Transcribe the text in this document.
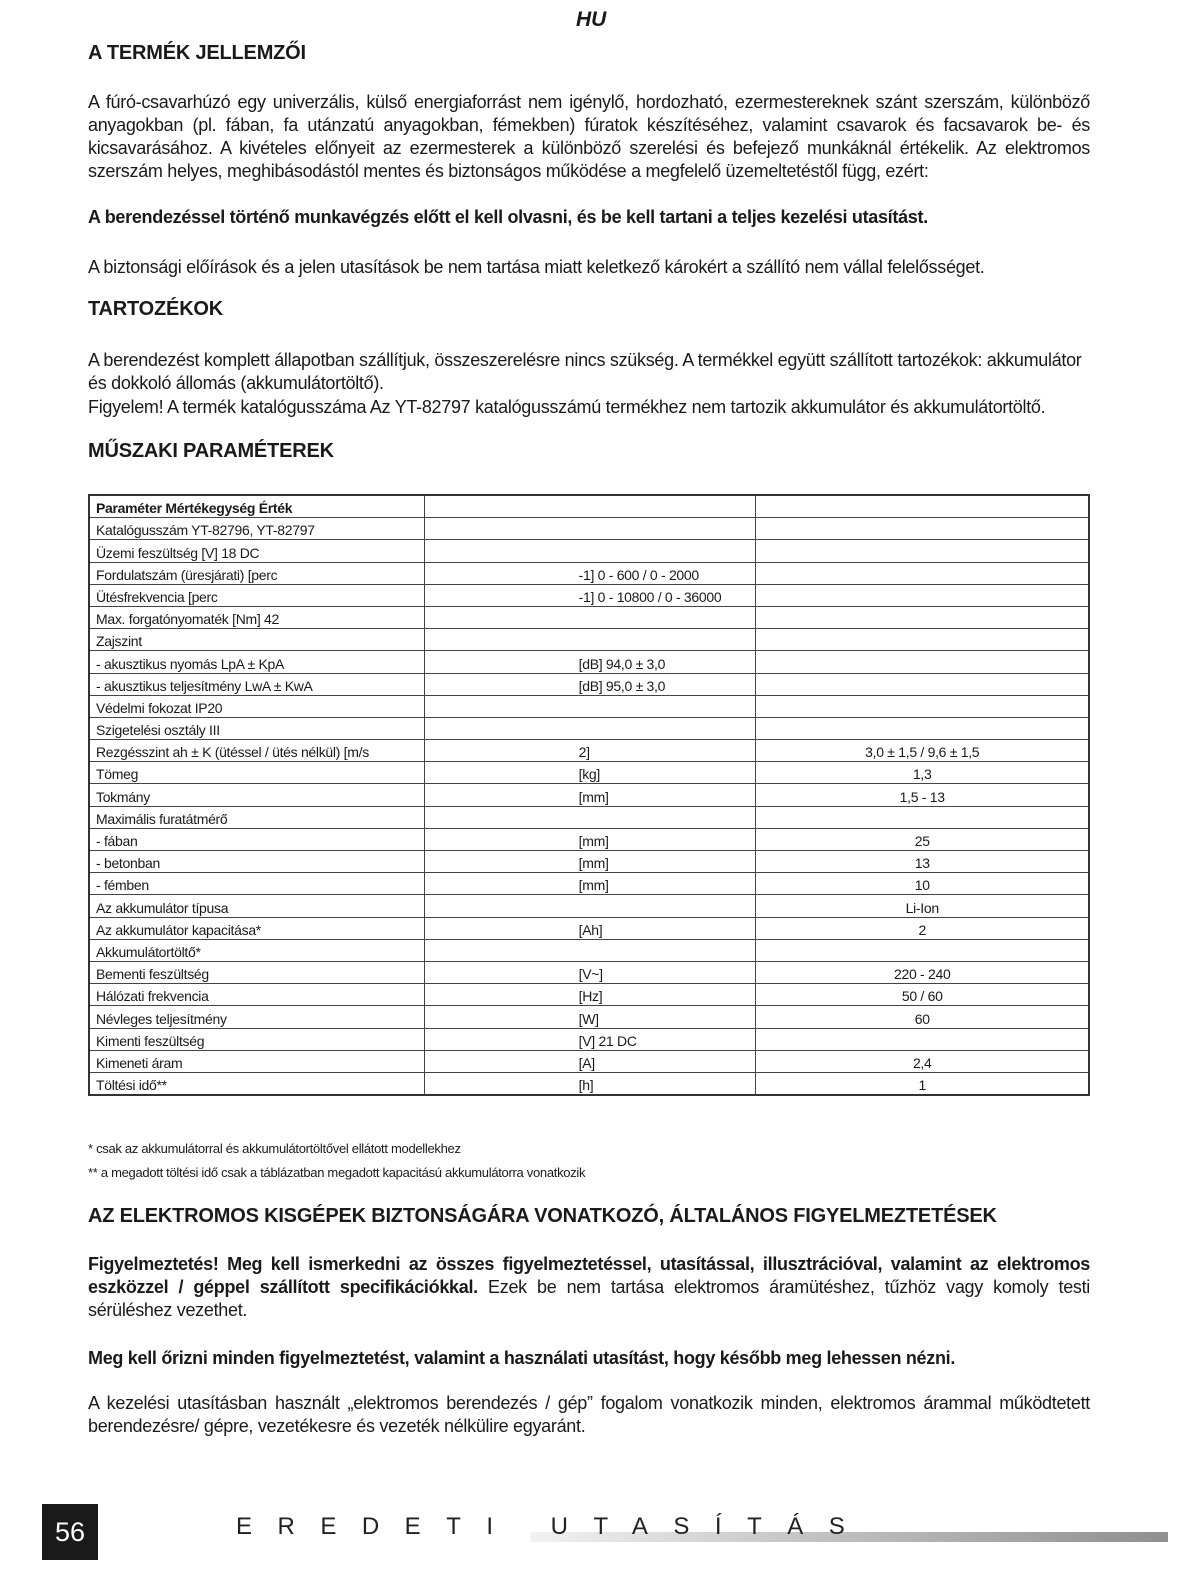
HU
A TERMÉK JELLEMZŐI
A fúró-csavarhúzó egy univerzális, külső energiaforrást nem igénylő, hordozható, ezermestereknek szánt szerszám, különböző anyagokban (pl. fában, fa utánzatú anyagokban, fémekben) fúratok készítéséhez, valamint csavarok és facsavarok be- és kicsavarásához. A kivételes előnyeit az ezermesterek a különböző szerelési és befejező munkáknál értékelik. Az elektromos szerszám helyes, meghibásodástól mentes és biztonságos működése a megfelelő üzemeltetéstől függ, ezért:
A berendezéssel történő munkavégzés előtt el kell olvasni, és be kell tartani a teljes kezelési utasítást.
A biztonsági előírások és a jelen utasítások be nem tartása miatt keletkező károkért a szállító nem vállal felelősséget.
TARTOZÉKOK
A berendezést komplett állapotban szállítjuk, összeszerelésre nincs szükség. A termékkel együtt szállított tartozékok: akkumulátor és dokkoló állomás (akkumulátortöltő).
Figyelem! A termék katalógusszáma Az YT-82797 katalógusszámú termékhez nem tartozik akkumulátor és akkumulátortöltő.
MŰSZAKI PARAMÉTEREK
Paraméter Mértékegység Érték	

Katalógusszám YT-82796, YT-82797	

Üzemi feszültség [V] 18 DC	

Fordulatszám (üresjárati) [perc	-1] 0 - 600 / 0 - 2000	

Ütésfrekvencia [perc	-1] 0 - 10800 / 0 - 36000	

Max. forgatónyomaték [Nm] 42	

Zajszint	

- akusztikus nyomás LpA ± KpA	[dB] 94,0 ± 3,0	

- akusztikus teljesítmény LwA ± KwA	[dB] 95,0 ± 3,0	

Védelmi fokozat IP20	

Szigetelési osztály III	

Rezgésszint ah ± K (ütéssel / ütés nélkül) [m/s	2]	3,0 ± 1,5 / 9,6 ± 1,5
Tömeg	[kg]	1,3
Tokmány	[mm]	1,5 - 13
Maximális furatátmérő	

- fában	[mm]	25
- betonban	[mm]	13
- fémben	[mm]	10
Az akkumulátor típusa		Li-Ion
Az akkumulátor kapacitása*	[Ah]	2
Akkumulátortöltő*	

Bementi feszültség	[V~]	220 - 240
Hálózati frekvencia	[Hz]	50 / 60
Névleges teljesítmény	[W]	60
Kimenti feszültség	[V] 21 DC	

Kimeneti áram	[A]	2,4
Töltési idő**	[h]	1
* csak az akkumulátorral és akkumulátortöltővel ellátott modellekhez
** a megadott töltési idő csak a táblázatban megadott kapacitású akkumulátorra vonatkozik
AZ ELEKTROMOS KISGÉPEK BIZTONSÁGÁRA VONATKOZÓ, ÁLTALÁNOS FIGYELMEZTETÉSEK
Figyelmeztetés! Meg kell ismerkedni az összes figyelmeztetéssel, utasítással, illusztrációval, valamint az elektromos eszközzel / géppel szállított specifikációkkal. Ezek be nem tartása elektromos áramütéshez, tűzhöz vagy komoly testi sérüléshez vezethet.
Meg kell őrizni minden figyelmeztetést, valamint a használati utasítást, hogy később meg lehessen nézni.
A kezelési utasításban használt „elektromos berendezés / gép” fogalom vonatkozik minden, elektromos árammal működtetett berendezésre/ gépre, vezetékesre és vezeték nélkülire egyaránt.
56	EREDETI UTASÍTÁS
